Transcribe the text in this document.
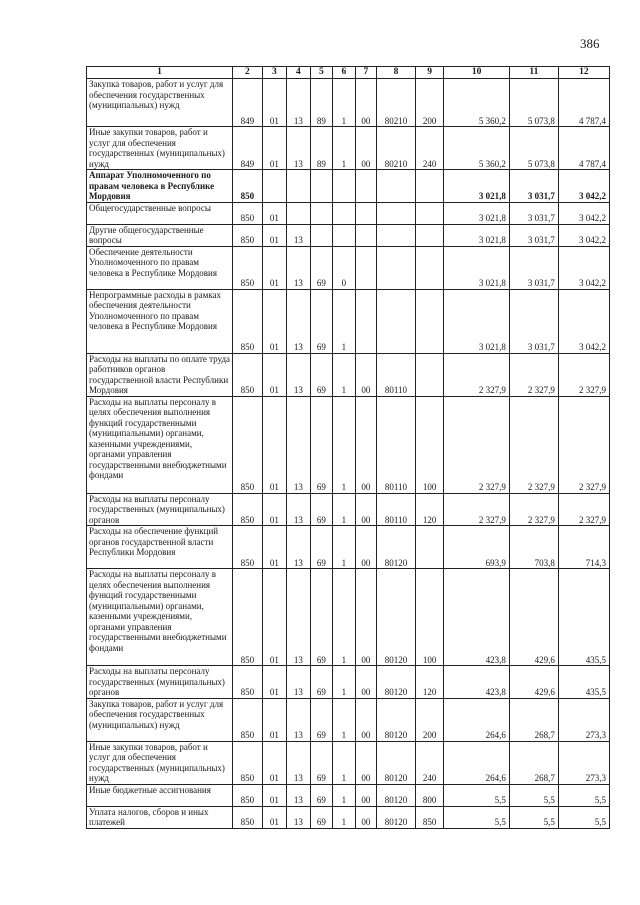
386
1	2	3	4	5	6	7	8	9	10	11	12
Закупка товаров, работ и услуг для обеспечения государственных (муниципальных) нужд	849	01	13	89	1	00	80210	200	5 360,2	5 073,8	4 787,4
Иные закупки товаров, работ и услуг для обеспечения государственных (муниципальных) нужд	849	01	13	89	1	00	80210	240	5 360,2	5 073,8	4 787,4
Аппарат Уполномоченного по правам человека в Республике Мордовия	850								3 021,8	3 031,7	3 042,2
Общегосударственные вопросы	850	01							3 021,8	3 031,7	3 042,2
Другие общегосударственные вопросы	850	01	13						3 021,8	3 031,7	3 042,2
Обеспечение деятельности Уполномоченного по правам человека в Республике Мордовия	850	01	13	69	0				3 021,8	3 031,7	3 042,2
Непрограммные расходы в рамках обеспечения деятельности Уполномоченного по правам человека в Республике Мордовия	850	01	13	69	1				3 021,8	3 031,7	3 042,2
Расходы на выплаты по оплате труда работников органов государственной власти Республики Мордовия	850	01	13	69	1	00	80110		2 327,9	2 327,9	2 327,9
Расходы на выплаты персоналу в целях обеспечения выполнения функций государственными (муниципальными) органами, казенными учреждениями, органами управления государственными внебюджетными фондами	850	01	13	69	1	00	80110	100	2 327,9	2 327,9	2 327,9
Расходы на выплаты персоналу государственных (муниципальных) органов	850	01	13	69	1	00	80110	120	2 327,9	2 327,9	2 327,9
Расходы на обеспечение функций органов государственной власти Республики Мордовия	850	01	13	69	1	00	80120		693,9	703,8	714,3
Расходы на выплаты персоналу в целях обеспечения выполнения функций государственными (муниципальными) органами, казенными учреждениями, органами управления государственными внебюджетными фондами	850	01	13	69	1	00	80120	100	423,8	429,6	435,5
Расходы на выплаты персоналу государственных (муниципальных) органов	850	01	13	69	1	00	80120	120	423,8	429,6	435,5
Закупка товаров, работ и услуг для обеспечения государственных (муниципальных) нужд	850	01	13	69	1	00	80120	200	264,6	268,7	273,3
Иные закупки товаров, работ и услуг для обеспечения государственных (муниципальных) нужд	850	01	13	69	1	00	80120	240	264,6	268,7	273,3
Иные бюджетные ассигнования	850	01	13	69	1	00	80120	800	5,5	5,5	5,5
Уплата налогов, сборов и иных платежей	850	01	13	69	1	00	80120	850	5,5	5,5	5,5
